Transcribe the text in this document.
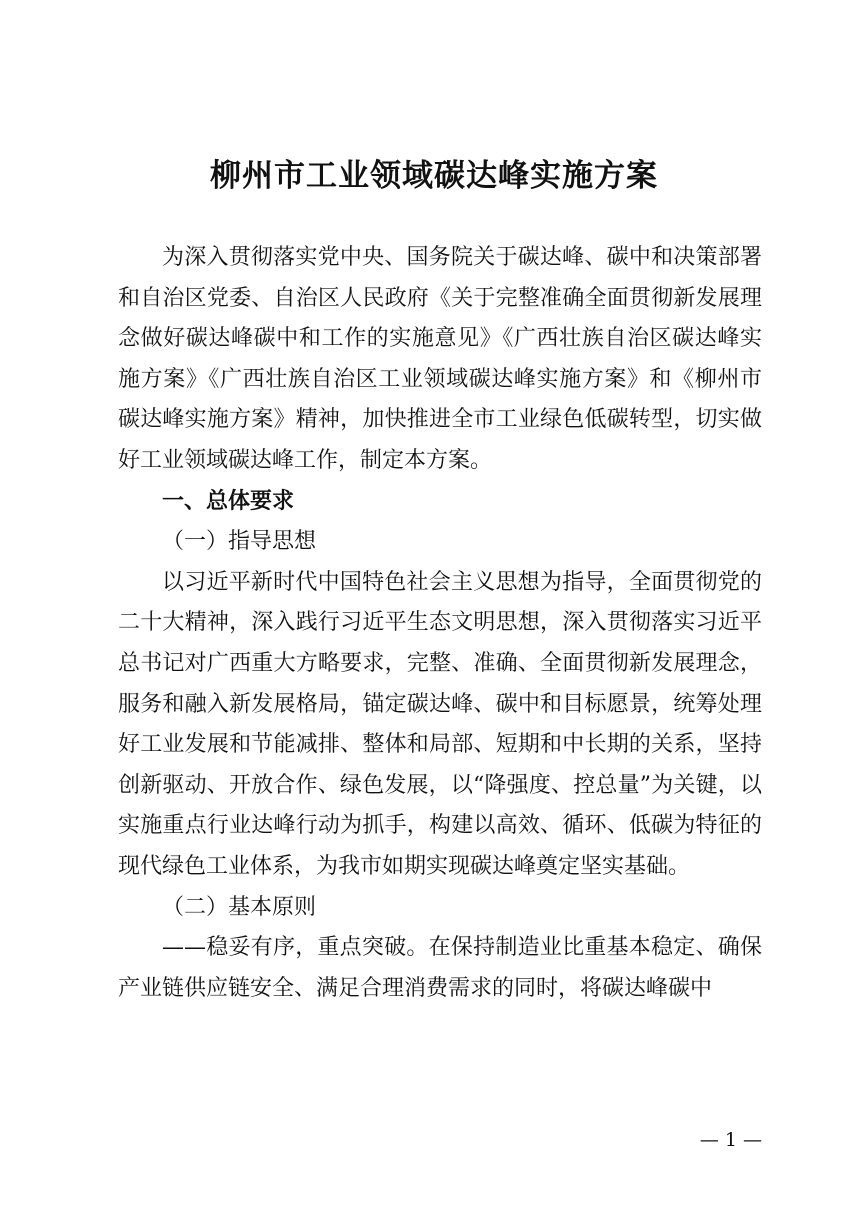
柳州市工业领域碳达峰实施方案

为深入贯彻落实党中央、国务院关于碳达峰、碳中和决策部署和自治区党委、自治区人民政府《关于完整准确全面贯彻新发展理念做好碳达峰碳中和工作的实施意见》《广西壮族自治区碳达峰实施方案》《广西壮族自治区工业领域碳达峰实施方案》和《柳州市碳达峰实施方案》精神，加快推进全市工业绿色低碳转型，切实做好工业领域碳达峰工作，制定本方案。

一、总体要求

（一）指导思想

以习近平新时代中国特色社会主义思想为指导，全面贯彻党的二十大精神，深入践行习近平生态文明思想，深入贯彻落实习近平总书记对广西重大方略要求，完整、准确、全面贯彻新发展理念，服务和融入新发展格局，锚定碳达峰、碳中和目标愿景，统筹处理好工业发展和节能减排、整体和局部、短期和中长期的关系，坚持创新驱动、开放合作、绿色发展，以“降强度、控总量”为关键，以实施重点行业达峰行动为抓手，构建以高效、循环、低碳为特征的现代绿色工业体系，为我市如期实现碳达峰奠定坚实基础。

（二）基本原则

——稳妥有序，重点突破。在保持制造业比重基本稳定、确保产业链供应链安全、满足合理消费需求的同时，将碳达峰碳中

— 1 —
